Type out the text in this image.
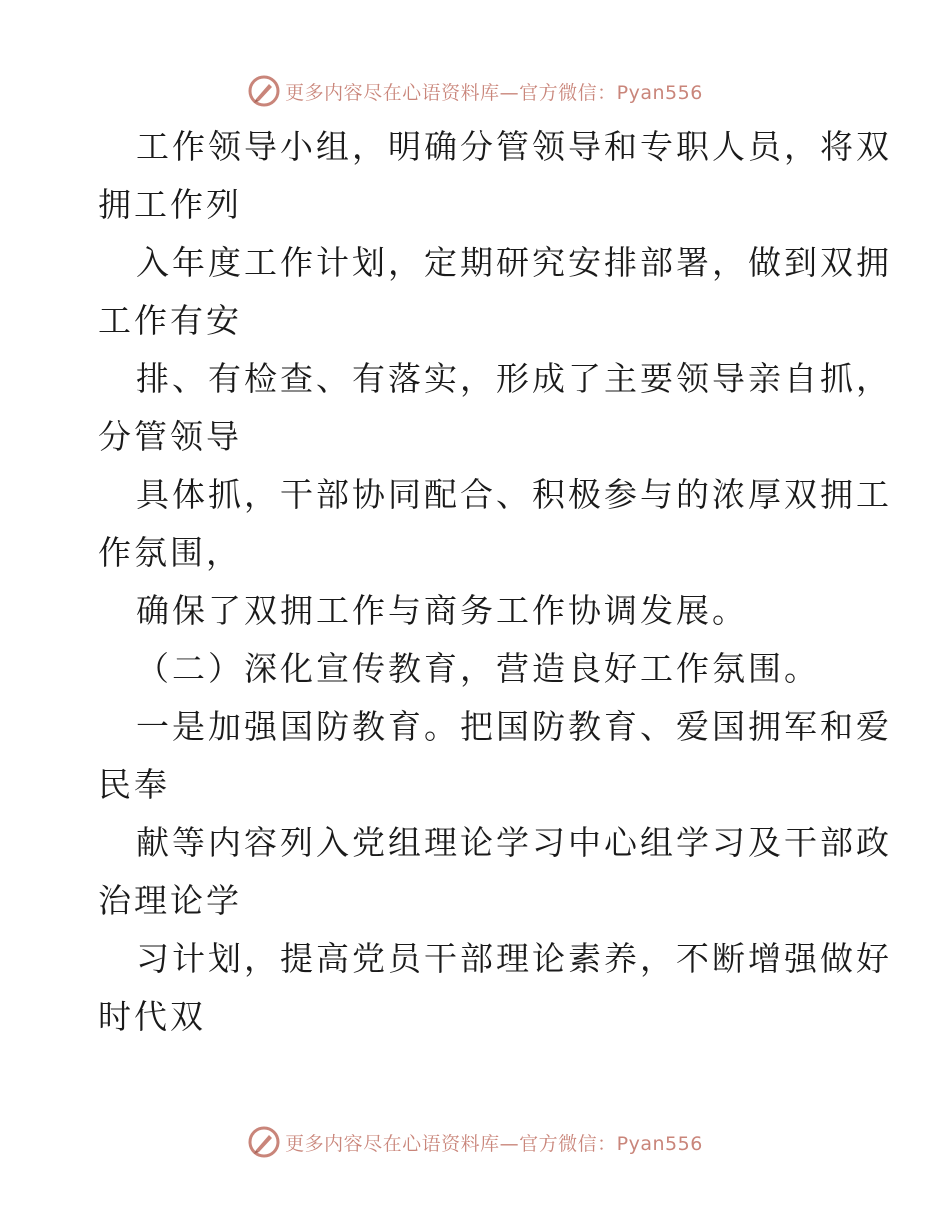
更多内容尽在心语资料库—官方微信：Pyan556
工作领导小组，明确分管领导和专职人员，将双
拥工作列
入年度工作计划，定期研究安排部署，做到双拥
工作有安
排、有检查、有落实，形成了主要领导亲自抓，
分管领导
具体抓，干部协同配合、积极参与的浓厚双拥工
作氛围，
确保了双拥工作与商务工作协调发展。
（二）深化宣传教育，营造良好工作氛围。
一是加强国防教育。把国防教育、爱国拥军和爱
民奉
献等内容列入党组理论学习中心组学习及干部政
治理论学
习计划，提高党员干部理论素养，不断增强做好
时代双
更多内容尽在心语资料库—官方微信：Pyan556
